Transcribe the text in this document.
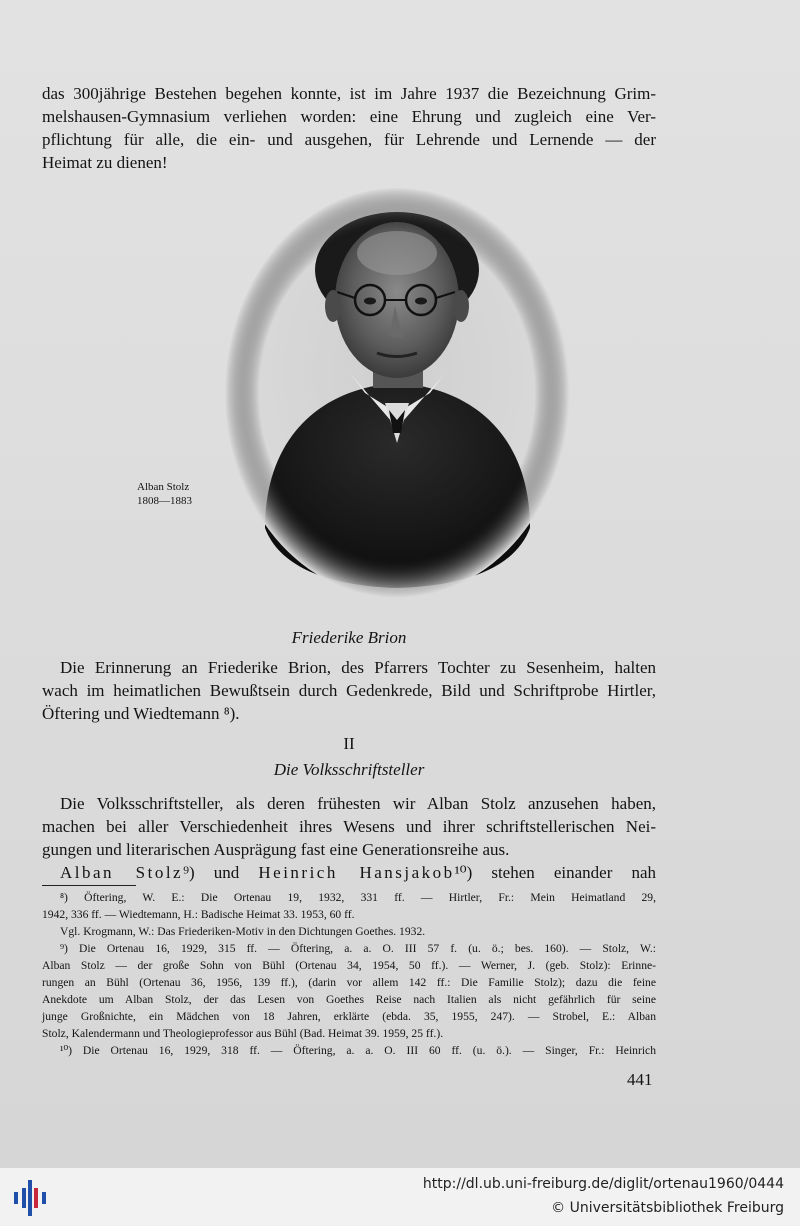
das 300jährige Bestehen begehen konnte, ist im Jahre 1937 die Bezeichnung Grim-
melshausen-Gymnasium verliehen worden: eine Ehrung und zugleich eine Ver-
pflichtung für alle, die ein- und ausgehen, für Lehrende und Lernende — der
Heimat zu dienen!
Alban Stolz
1808—1883
Friederike Brion
Die Erinnerung an Friederike Brion, des Pfarrers Tochter zu Sesenheim, halten
wach im heimatlichen Bewußtsein durch Gedenkrede, Bild und Schriftprobe Hirtler,
Öftering und Wiedtemann ⁸).
II
Die Volksschriftsteller
Die Volksschriftsteller, als deren frühesten wir Alban Stolz anzusehen haben,
machen bei aller Verschiedenheit ihres Wesens und ihrer schriftstellerischen Nei-
gungen und literarischen Ausprägung fast eine Generationsreihe aus.
Alban Stolz⁹) und Heinrich Hansjakob¹⁰) stehen einander nah
⁸) Öftering, W. E.: Die Ortenau 19, 1932, 331 ff. — Hirtler, Fr.: Mein Heimatland 29,
1942, 336 ff. — Wiedtemann, H.: Badische Heimat 33. 1953, 60 ff.
Vgl. Krogmann, W.: Das Friederiken-Motiv in den Dichtungen Goethes. 1932.
⁹) Die Ortenau 16, 1929, 315 ff. — Öftering, a. a. O. III 57 f. (u. ö.; bes. 160). — Stolz, W.:
Alban Stolz — der große Sohn von Bühl (Ortenau 34, 1954, 50 ff.). — Werner, J. (geb. Stolz): Erinne-
rungen an Bühl (Ortenau 36, 1956, 139 ff.), (darin vor allem 142 ff.: Die Familie Stolz); dazu die feine
Anekdote um Alban Stolz, der das Lesen von Goethes Reise nach Italien als nicht gefährlich für seine
junge Großnichte, ein Mädchen von 18 Jahren, erklärte (ebda. 35, 1955, 247). — Strobel, E.: Alban
Stolz, Kalendermann und Theologieprofessor aus Bühl (Bad. Heimat 39. 1959, 25 ff.).
¹⁰) Die Ortenau 16, 1929, 318 ff. — Öftering, a. a. O. III 60 ff. (u. ö.). — Singer, Fr.: Heinrich
441
http://dl.ub.uni-freiburg.de/diglit/ortenau1960/0444
© Universitätsbibliothek Freiburg
